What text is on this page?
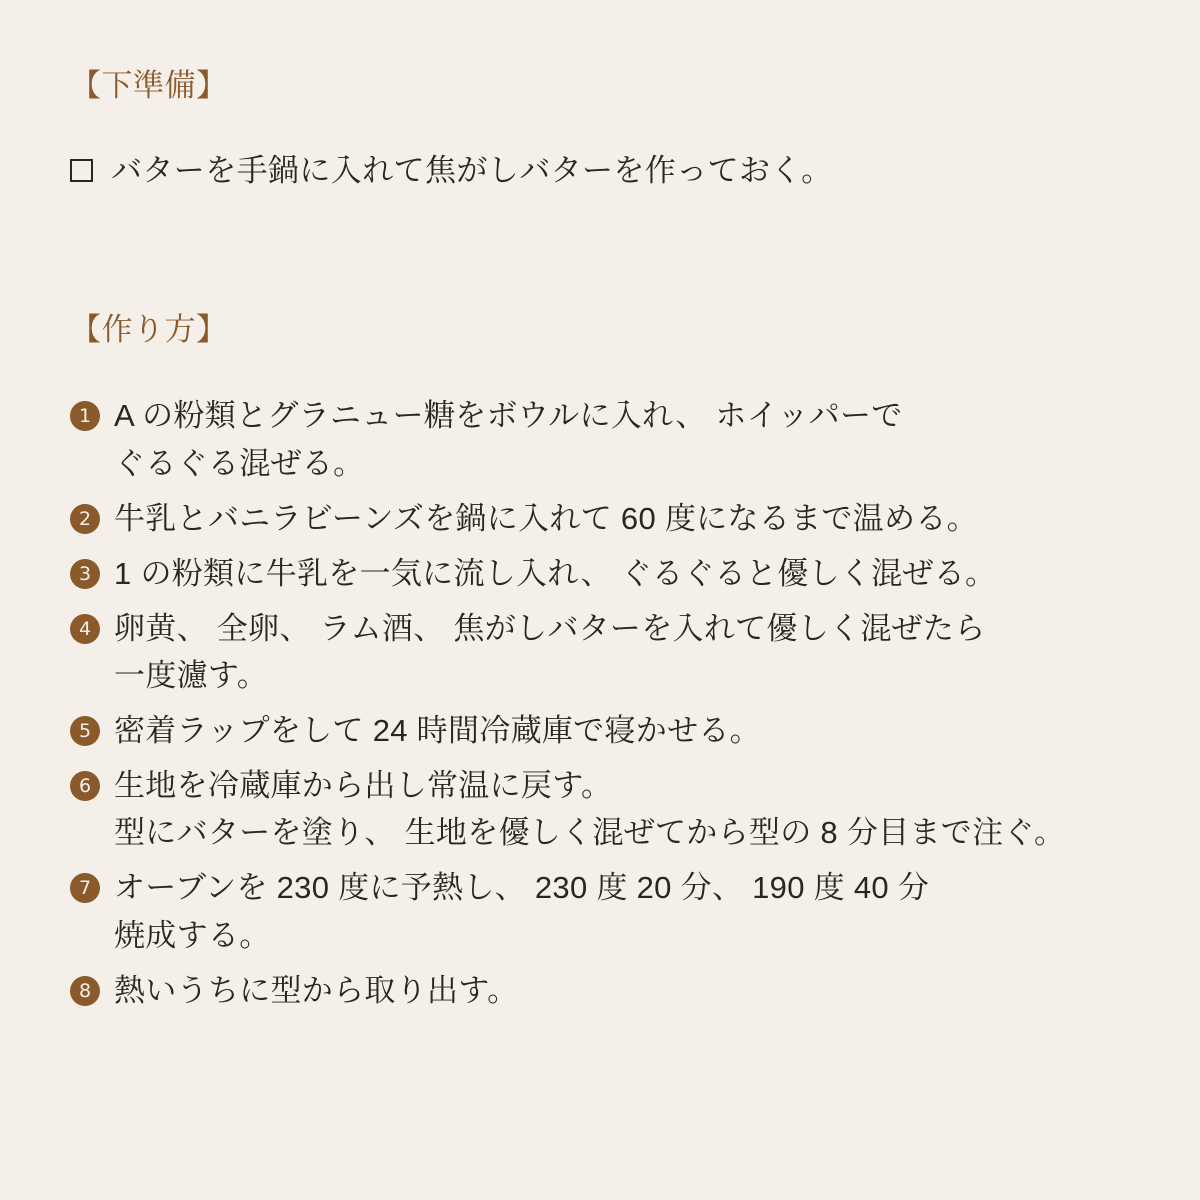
【下準備】
バターを手鍋に入れて焦がしバターを作っておく。
【作り方】
1 A の粉類とグラニュー糖をボウルに入れ、 ホイッパーで
ぐるぐる混ぜる。
2 牛乳とバニラビーンズを鍋に入れて 60 度になるまで温める。
3 1 の粉類に牛乳を一気に流し入れ、 ぐるぐると優しく混ぜる。
4 卵黄、 全卵、 ラム酒、 焦がしバターを入れて優しく混ぜたら
一度濾す。
5 密着ラップをして 24 時間冷蔵庫で寝かせる。
6 生地を冷蔵庫から出し常温に戻す。
型にバターを塗り、 生地を優しく混ぜてから型の 8 分目まで注ぐ。
7 オーブンを 230 度に予熱し、 230 度 20 分、 190 度 40 分
焼成する。
8 熱いうちに型から取り出す。
